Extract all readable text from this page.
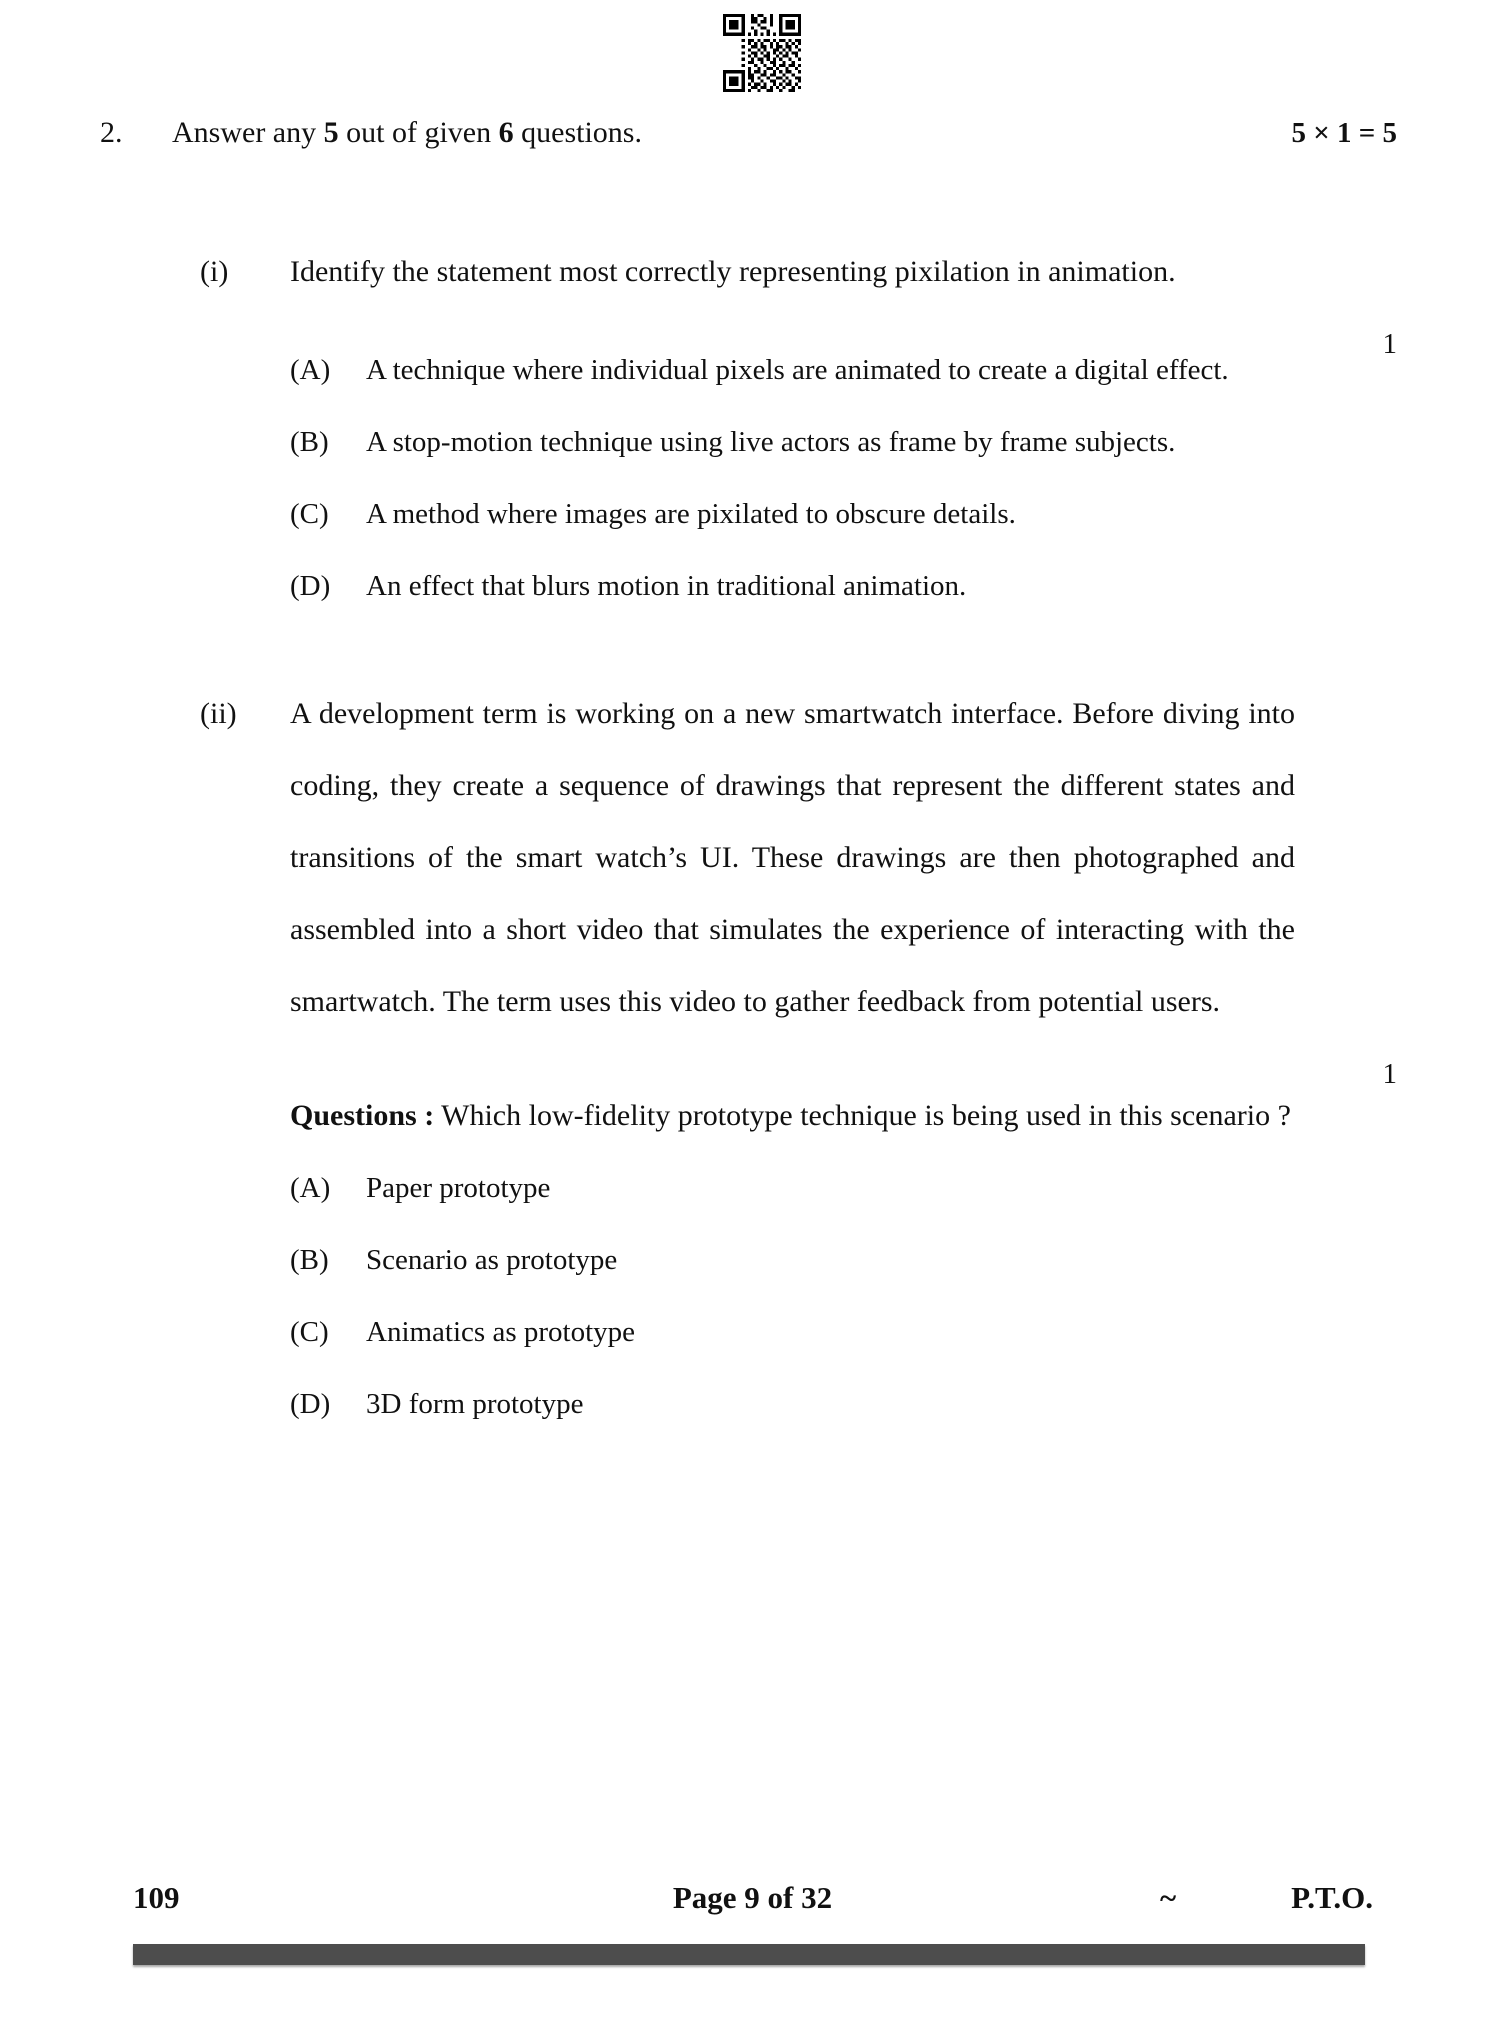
2.	Answer any 5 out of given 6 questions.	5 × 1 = 5
(i)	Identify the statement most correctly representing pixilation in animation.
1
(A)	A technique where individual pixels are animated to create a digital effect.
(B)	A stop-motion technique using live actors as frame by frame subjects.
(C)	A method where images are pixilated to obscure details.
(D)	An effect that blurs motion in traditional animation.
(ii)	A development term is working on a new smartwatch interface. Before diving into coding, they create a sequence of drawings that represent the different states and transitions of the smart watch’s UI. These drawings are then photographed and assembled into a short video that simulates the experience of interacting with the smartwatch. The term uses this video to gather feedback from potential users.
1
Questions : Which low-fidelity prototype technique is being used in this scenario ?
(A)	Paper prototype
(B)	Scenario as prototype
(C)	Animatics as prototype
(D)	3D form prototype
109	Page 9 of 32	~	P.T.O.
